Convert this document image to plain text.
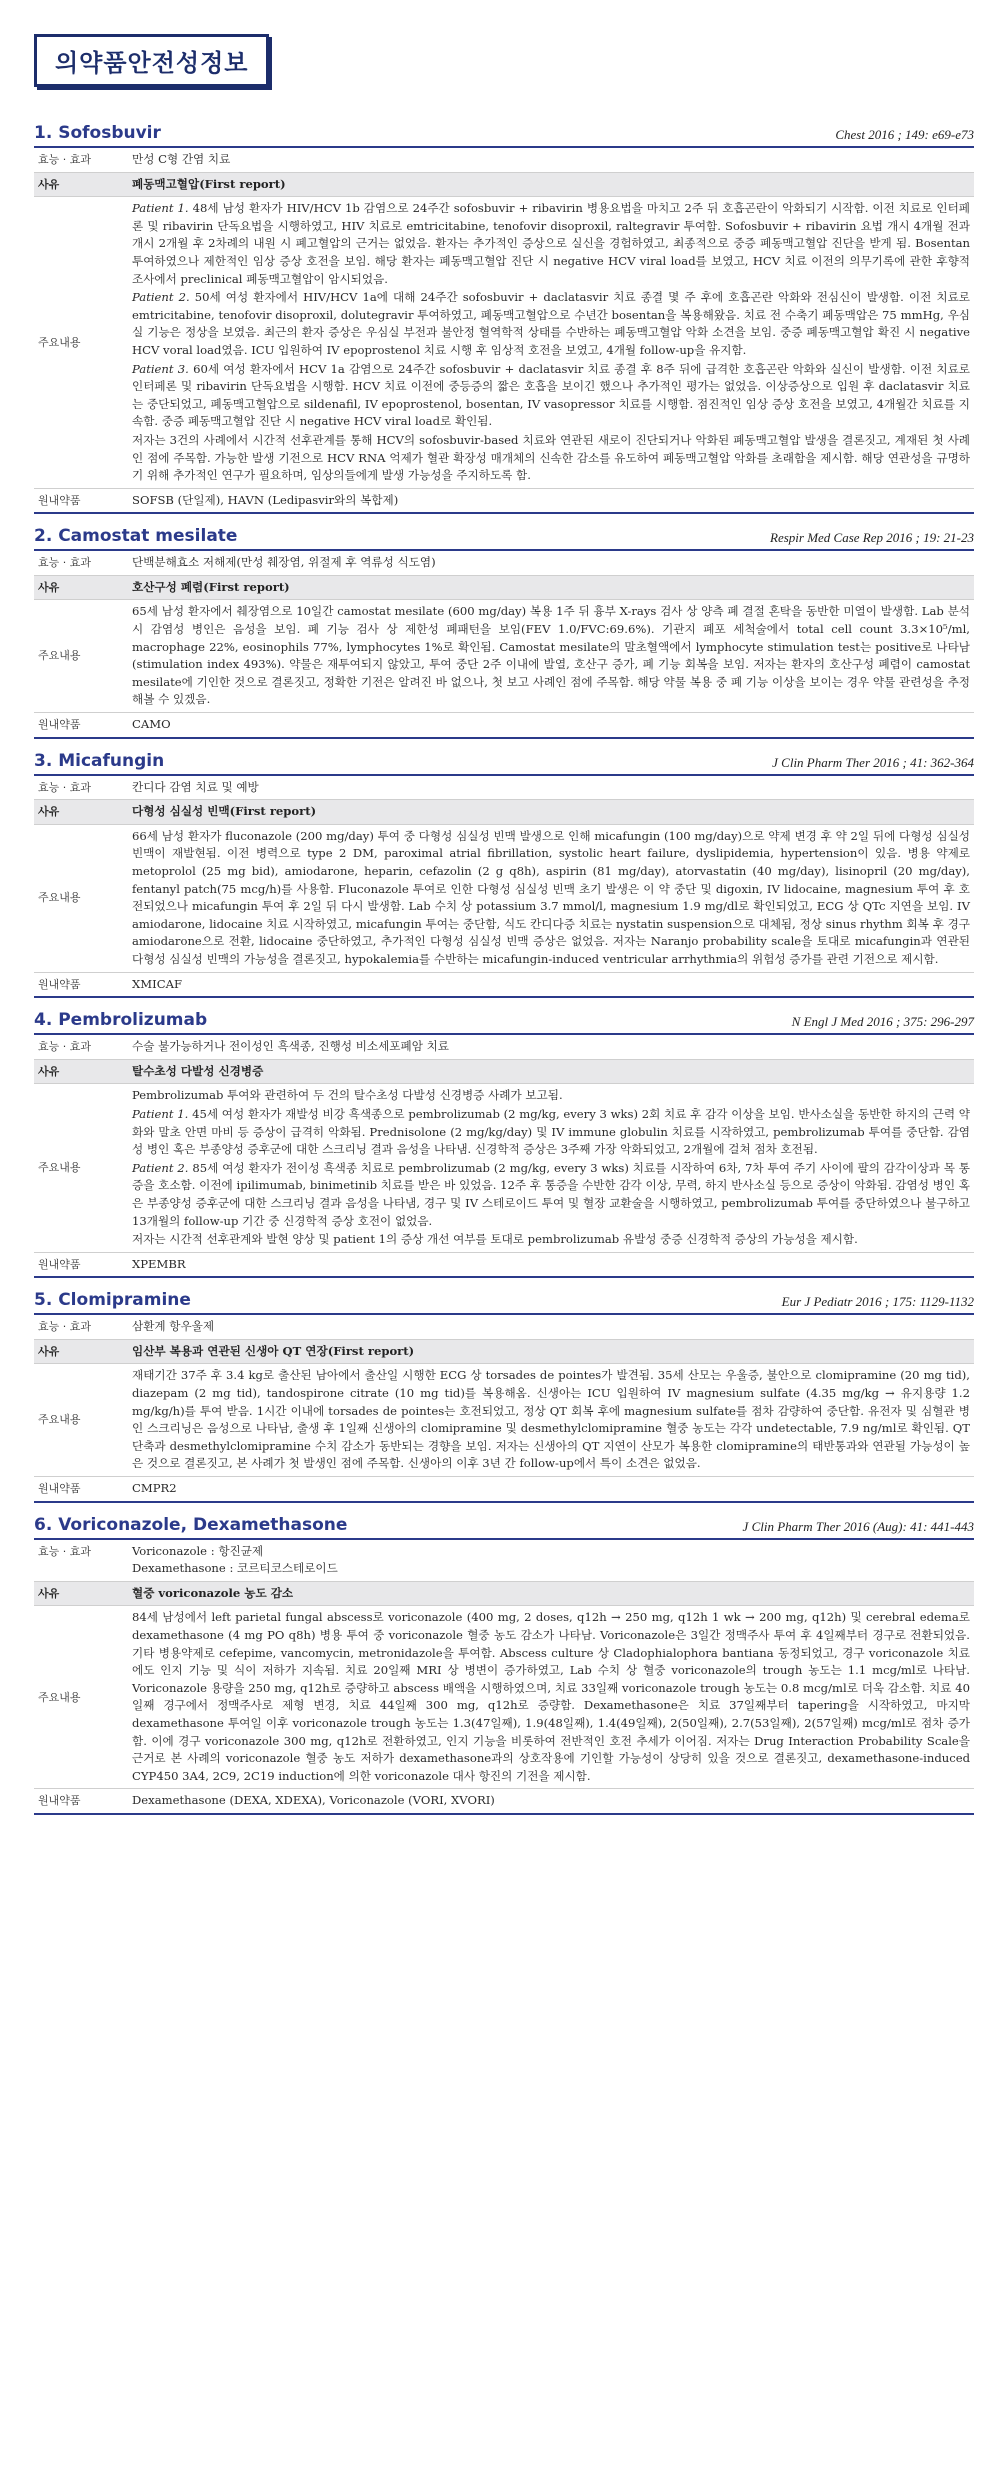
의약품안전성정보
1. Sofosbuvir	Chest 2016 ; 149: e69-e73
효능 · 효과	만성 C형 간염 치료

사유	폐동맥고혈압(First report)
주요내용	Patient 1. 48세 남성 환자가 HIV/HCV 1b 감염으로 24주간 sofosbuvir + ribavirin 병용요법을 마치고 2주 뒤 호흡곤란이 악화되기 시작함. 이전 치료로 인터페론 및 ribavirin 단독요법을 시행하였고, HIV 치료로 emtricitabine, tenofovir disoproxil, raltegravir 투여함. Sofosbuvir + ribavirin 요법 개시 4개월 전과 개시 2개월 후 2차례의 내원 시 폐고혈압의 근거는 없었음. 환자는 추가적인 증상으로 실신을 경험하였고, 최종적으로 중증 폐동맥고혈압 진단을 받게 됨. Bosentan 투여하였으나 제한적인 임상 증상 호전을 보임. 해당 환자는 폐동맥고혈압 진단 시 negative HCV viral load를 보였고, HCV 치료 이전의 의무기록에 관한 후향적 조사에서 preclinical 폐동맥고혈압이 암시되었음.

Patient 2. 50세 여성 환자에서 HIV/HCV 1a에 대해 24주간 sofosbuvir + daclatasvir 치료 종결 몇 주 후에 호흡곤란 악화와 전심신이 발생함. 이전 치료로 emtricitabine, tenofovir disoproxil, dolutegravir 투여하였고, 폐동맥고혈압으로 수년간 bosentan을 복용해왔음. 치료 전 수축기 폐동맥압은 75 mmHg, 우심실 기능은 정상을 보였음. 최근의 환자 증상은 우심실 부전과 불안정 혈역학적 상태를 수반하는 폐동맥고혈압 악화 소견을 보임. 중증 폐동맥고혈압 확진 시 negative HCV voral load였음. ICU 입원하여 IV epoprostenol 치료 시행 후 임상적 호전을 보였고, 4개월 follow-up을 유지함.

Patient 3. 60세 여성 환자에서 HCV 1a 감염으로 24주간 sofosbuvir + daclatasvir 치료 종결 후 8주 뒤에 급격한 호흡곤란 악화와 실신이 발생함. 이전 치료로 인터페론 및 ribavirin 단독요법을 시행함. HCV 치료 이전에 중등증의 짧은 호흡을 보이긴 했으나 추가적인 평가는 없었음. 이상증상으로 입원 후 daclatasvir 치료는 중단되었고, 폐동맥고혈압으로 sildenafil, IV epoprostenol, bosentan, IV vasopressor 치료를 시행함. 점진적인 임상 증상 호전을 보였고, 4개월간 치료를 지속함. 중증 폐동맥고혈압 진단 시 negative HCV viral load로 확인됨.

저자는 3건의 사례에서 시간적 선후관계를 통해 HCV의 sofosbuvir-based 치료와 연관된 새로이 진단되거나 악화된 폐동맥고혈압 발생을 결론짓고, 계재된 첫 사례인 점에 주목함. 가능한 발생 기전으로 HCV RNA 억제가 혈관 확장성 매개체의 신속한 감소를 유도하여 폐동맥고혈압 악화를 초래함을 제시함. 해당 연관성을 규명하기 위해 추가적인 연구가 필요하며, 임상의들에게 발생 가능성을 주지하도록 함.

원내약품	SOFSB (단일제), HAVN (Ledipasvir와의 복합제)
2. Camostat mesilate	Respir Med Case Rep 2016 ; 19: 21-23
효능 · 효과	단백분해효소 저해제(만성 췌장염, 위절제 후 역류성 식도염)

사유	호산구성 폐렴(First report)
주요내용	65세 남성 환자에서 췌장염으로 10일간 camostat mesilate (600 mg/day) 복용 1주 뒤 흉부 X-rays 검사 상 양측 폐 결절 혼탁을 동반한 미열이 발생함. Lab 분석 시 감염성 병인은 음성을 보임. 폐 기능 검사 상 제한성 폐패턴을 보임(FEV 1.0/FVC:69.6%). 기관지 폐포 세척술에서 total cell count 3.3×10⁵/ml, macrophage 22%, eosinophils 77%, lymphocytes 1%로 확인됨. Camostat mesilate의 말초혈액에서 lymphocyte stimulation test는 positive로 나타남(stimulation index 493%). 약물은 재투여되지 않았고, 투여 중단 2주 이내에 발열, 호산구 증가, 폐 기능 회복을 보임. 저자는 환자의 호산구성 폐렴이 camostat mesilate에 기인한 것으로 결론짓고, 정확한 기전은 알려진 바 없으나, 첫 보고 사례인 점에 주목함. 해당 약물 복용 중 폐 기능 이상을 보이는 경우 약물 관련성을 추정해볼 수 있겠음.

원내약품	CAMO
3. Micafungin	J Clin Pharm Ther 2016 ; 41: 362-364
효능 · 효과	칸디다 감염 치료 및 예방

사유	다형성 심실성 빈맥(First report)
주요내용	66세 남성 환자가 fluconazole (200 mg/day) 투여 중 다형성 심실성 빈맥 발생으로 인해 micafungin (100 mg/day)으로 약제 변경 후 약 2일 뒤에 다형성 심실성 빈맥이 재발현됨. 이전 병력으로 type 2 DM, paroximal atrial fibrillation, systolic heart failure, dyslipidemia, hypertension이 있음. 병용 약제로 metoprolol (25 mg bid), amiodarone, heparin, cefazolin (2 g q8h), aspirin (81 mg/day), atorvastatin (40 mg/day), lisinopril (20 mg/day), fentanyl patch(75 mcg/h)를 사용함. Fluconazole 투여로 인한 다형성 심실성 빈맥 초기 발생은 이 약 중단 및 digoxin, IV lidocaine, magnesium 투여 후 호전되었으나 micafungin 투여 후 2일 뒤 다시 발생함. Lab 수치 상 potassium 3.7 mmol/l, magnesium 1.9 mg/dl로 확인되었고, ECG 상 QTc 지연을 보임. IV amiodarone, lidocaine 치료 시작하였고, micafungin 투여는 중단함, 식도 칸디다증 치료는 nystatin suspension으로 대체됨, 정상 sinus rhythm 회복 후 경구 amiodarone으로 전환, lidocaine 중단하였고, 추가적인 다형성 심실성 빈맥 증상은 없었음. 저자는 Naranjo probability scale을 토대로 micafungin과 연관된 다형성 심실성 빈맥의 가능성을 결론짓고, hypokalemia를 수반하는 micafungin-induced ventricular arrhythmia의 위험성 증가를 관련 기전으로 제시함.

원내약품	XMICAF
4. Pembrolizumab	N Engl J Med 2016 ; 375: 296-297
효능 · 효과	수술 불가능하거나 전이성인 흑색종, 진행성 비소세포폐암 치료

사유	탈수초성 다발성 신경병증
주요내용	Pembrolizumab 투여와 관련하여 두 건의 탈수초성 다발성 신경병증 사례가 보고됨.

Patient 1. 45세 여성 환자가 재발성 비강 흑색종으로 pembrolizumab (2 mg/kg, every 3 wks) 2회 치료 후 감각 이상을 보임. 반사소실을 동반한 하지의 근력 약화와 말초 안면 마비 등 증상이 급격히 악화됨. Prednisolone (2 mg/kg/day) 및 IV immune globulin 치료를 시작하였고, pembrolizumab 투여를 중단함. 감염성 병인 혹은 부종양성 증후군에 대한 스크리닝 결과 음성을 나타냄. 신경학적 증상은 3주째 가장 악화되었고, 2개월에 걸쳐 점차 호전됨.

Patient 2. 85세 여성 환자가 전이성 흑색종 치료로 pembrolizumab (2 mg/kg, every 3 wks) 치료를 시작하여 6차, 7차 투여 주기 사이에 팔의 감각이상과 목 통증을 호소함. 이전에 ipilimumab, binimetinib 치료를 받은 바 있었음. 12주 후 통증을 수반한 감각 이상, 무력, 하지 반사소실 등으로 증상이 악화됨. 감염성 병인 혹은 부종양성 증후군에 대한 스크리닝 결과 음성을 나타냄, 경구 및 IV 스테로이드 투여 및 혈장 교환술을 시행하였고, pembrolizumab 투여를 중단하였으나 불구하고 13개월의 follow-up 기간 중 신경학적 증상 호전이 없었음.

저자는 시간적 선후관계와 발현 양상 및 patient 1의 증상 개선 여부를 토대로 pembrolizumab 유발성 중증 신경학적 증상의 가능성을 제시함.

원내약품	XPEMBR
5. Clomipramine	Eur J Pediatr 2016 ; 175: 1129-1132
효능 · 효과	삼환계 항우울제

사유	임산부 복용과 연관된 신생아 QT 연장(First report)
주요내용	재태기간 37주 후 3.4 kg로 출산된 남아에서 출산일 시행한 ECG 상 torsades de pointes가 발견됨. 35세 산모는 우울증, 불안으로 clomipramine (20 mg tid), diazepam (2 mg tid), tandospirone citrate (10 mg tid)를 복용해옴. 신생아는 ICU 입원하여 IV magnesium sulfate (4.35 mg/kg → 유지용량 1.2 mg/kg/h)를 투여 받음. 1시간 이내에 torsades de pointes는 호전되었고, 정상 QT 회복 후에 magnesium sulfate를 점차 감량하여 중단함. 유전자 및 심혈관 병인 스크리닝은 음성으로 나타남, 출생 후 1일째 신생아의 clomipramine 및 desmethylclomipramine 혈중 농도는 각각 undetectable, 7.9 ng/ml로 확인됨. QT 단축과 desmethylclomipramine 수치 감소가 동반되는 경향을 보임. 저자는 신생아의 QT 지연이 산모가 복용한 clomipramine의 태반통과와 연관될 가능성이 높은 것으로 결론짓고, 본 사례가 첫 발생인 점에 주목함. 신생아의 이후 3년 간 follow-up에서 특이 소견은 없었음.

원내약품	CMPR2
6. Voriconazole, Dexamethasone	J Clin Pharm Ther 2016 (Aug): 41: 441-443
효능 · 효과	Voriconazole : 항진균제
Dexamethasone : 코르티코스테로이드

사유	혈중 voriconazole 농도 감소
주요내용	84세 남성에서 left parietal fungal abscess로 voriconazole (400 mg, 2 doses, q12h → 250 mg, q12h 1 wk → 200 mg, q12h) 및 cerebral edema로 dexamethasone (4 mg PO q8h) 병용 투여 중 voriconazole 혈중 농도 감소가 나타남. Voriconazole은 3일간 정맥주사 투여 후 4일째부터 경구로 전환되었음. 기타 병용약제로 cefepime, vancomycin, metronidazole을 투여함. Abscess culture 상 Cladophialophora bantiana 동정되었고, 경구 voriconazole 치료에도 인지 기능 및 식이 저하가 지속됨. 치료 20일째 MRI 상 병변이 증가하였고, Lab 수치 상 혈중 voriconazole의 trough 농도는 1.1 mcg/ml로 나타남. Voriconazole 용량을 250 mg, q12h로 증량하고 abscess 배액을 시행하였으며, 치료 33일째 voriconazole trough 농도는 0.8 mcg/ml로 더욱 감소함. 치료 40일째 경구에서 정맥주사로 제형 변경, 치료 44일째 300 mg, q12h로 증량함. Dexamethasone은 치료 37일째부터 tapering을 시작하였고, 마지막 dexamethasone 투여일 이후 voriconazole trough 농도는 1.3(47일째), 1.9(48일째), 1.4(49일째), 2(50일째), 2.7(53일째), 2(57일째) mcg/ml로 점차 증가함. 이에 경구 voriconazole 300 mg, q12h로 전환하였고, 인지 기능을 비롯하여 전반적인 호전 추세가 이어짐. 저자는 Drug Interaction Probability Scale을 근거로 본 사례의 voriconazole 혈중 농도 저하가 dexamethasone과의 상호작용에 기인할 가능성이 상당히 있을 것으로 결론짓고, dexamethasone-induced CYP450 3A4, 2C9, 2C19 induction에 의한 voriconazole 대사 항진의 기전을 제시함.

원내약품	Dexamethasone (DEXA, XDEXA), Voriconazole (VORI, XVORI)
